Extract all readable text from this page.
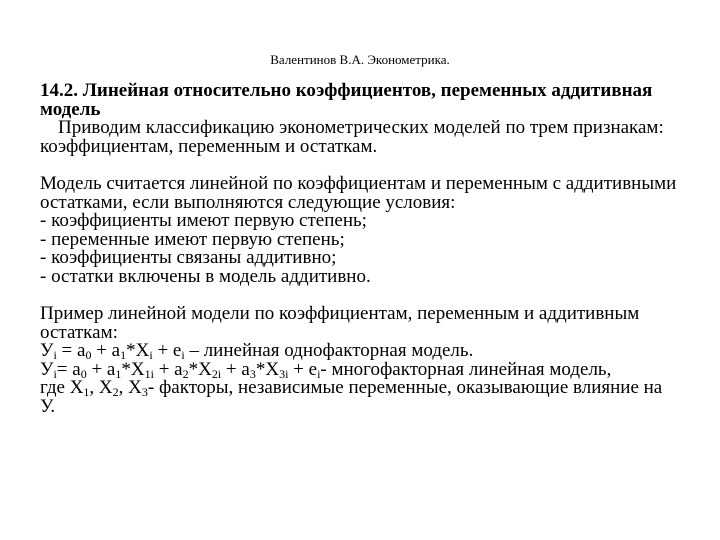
Валентинов В.А. Эконометрика.
14.2. Линейная относительно коэффициентов, переменных аддитивная модель
Приводим классификацию эконометрических моделей по трем признакам: коэффициентам, переменным и остаткам.
Модель считается линейной по коэффициентам и переменным с аддитивными остатками, если выполняются следующие условия:
- коэффициенты имеют первую степень;
- переменные имеют первую степень;
- коэффициенты связаны аддитивно;
- остатки включены в модель аддитивно.
Пример линейной модели по коэффициентам, переменным и аддитивным остаткам:
$У_i = a_0 + a_1*X_i + e_i$ – линейная однофакторная модель.
$У_i= a_0 + a_1*X_{1i} + a_2*X_{2i} + a_3*X_{3i} + e_i-$ многофакторная линейная модель,
где $X_1$, $X_2$, $X_3-$ факторы, независимые переменные, оказывающие влияние на У.
